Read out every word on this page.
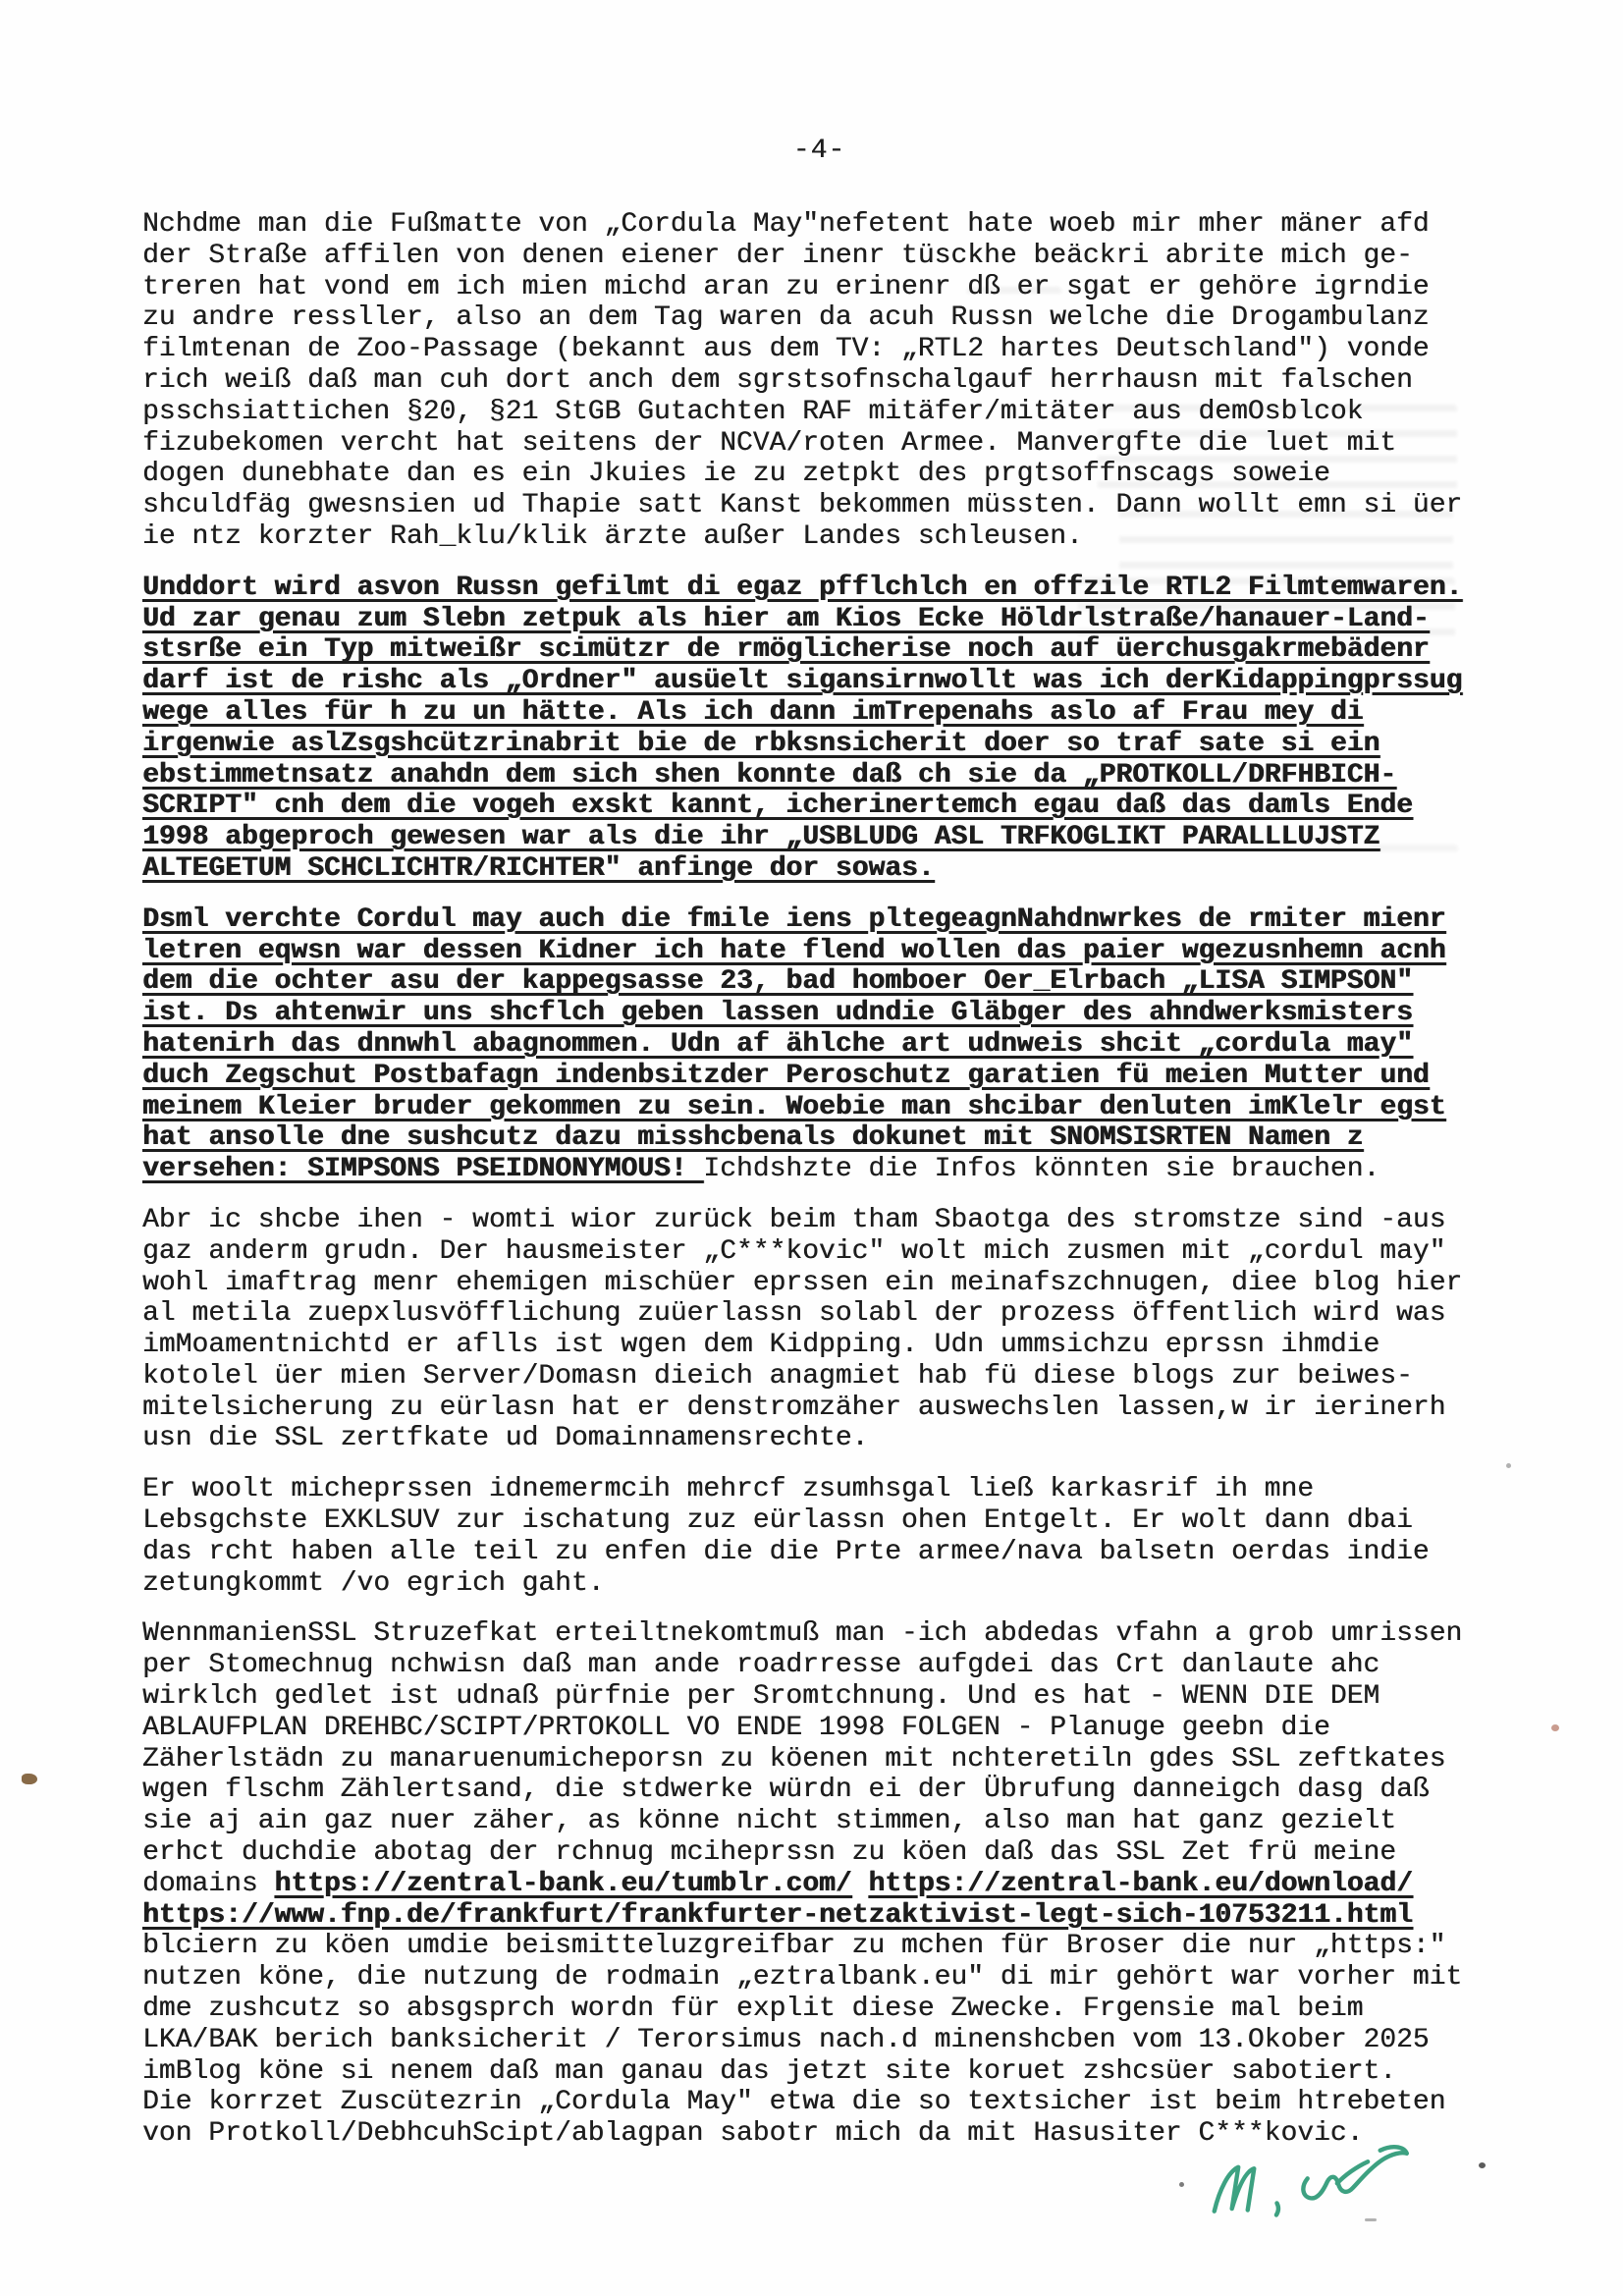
-4-
Nchdme man die Fußmatte von „Cordula May"nefetent hate woeb mir mher mäner afd
der Straße affilen von denen eiener der inenr tüsckhe beäckri abrite mich ge-
treren hat vond em ich mien michd aran zu erinenr dß er sgat er gehöre igrndie
zu andre ressller, also an dem Tag waren da acuh Russn welche die Drogambulanz
filmtenan de Zoo-Passage (bekannt aus dem TV: „RTL2 hartes Deutschland") vonde
rich weiß daß man cuh dort anch dem sgrstsofnschalgauf herrhausn mit falschen
psschsiattichen §20, §21 StGB Gutachten RAF mitäfer/mitäter aus demOsblcok
fizubekomen vercht hat seitens der NCVA/roten Armee. Manvergfte die luet mit
dogen dunebhate dan es ein Jkuies ie zu zetpkt des prgtsoffnscags soweie
shculdfäg gwesnsien ud Thapie satt Kanst bekommen müssten. Dann wollt emn si üer
ie ntz korzter Rah_klu/klik ärzte außer Landes schleusen.
Unddort wird asvon Russn gefilmt di egaz pfflchlch en offzile RTL2 Filmtemwaren.
Ud zar genau zum Slebn zetpuk als hier am Kios Ecke Höldrlstraße/hanauer-Land-
stsrße ein Typ mitweißr scimützr de rmöglicherise noch auf üerchusgakrmebädenr
darf ist de rishc als „Ordner" ausüelt sigansirnwollt was ich derKidappingprssug
wege alles für h zu un hätte. Als ich dann imTrepenahs aslo af Frau mey di
irgenwie aslZsgshcützrinabrit bie de rbksnsicherit doer so traf sate si ein
ebstimmetnsatz anahdn dem sich shen konnte daß ch sie da „PROTKOLL/DRFHBICH-
SCRIPT" cnh dem die vogeh exskt kannt, icherinertemch egau daß das damls Ende
1998 abgeproch gewesen war als die ihr „USBLUDG ASL TRFKOGLIKT PARALLLUJSTZ
ALTEGETUM SCHCLICHTR/RICHTER" anfinge dor sowas.
Dsml verchte Cordul may auch die fmile iens pltegeagnNahdnwrkes de rmiter mienr
letren eqwsn war dessen Kidner ich hate flend wollen das paier wgezusnhemn acnh
dem die ochter asu der kappegsasse 23, bad homboer Oer_Elrbach „LISA SIMPSON"
ist. Ds ahtenwir uns shcflch geben lassen udndie Gläbger des ahndwerksmisters
hatenirh das dnnwhl abagnommen. Udn af ählche art udnweis shcit „cordula may"
duch Zegschut Postbafagn indenbsitzder Peroschutz garatien fü meien Mutter und
meinem Kleier bruder gekommen zu sein. Woebie man shcibar denluten imKlelr egst
hat ansolle dne sushcutz dazu misshcbenals dokunet mit SNOMSISRTEN Namen z
versehen: SIMPSONS PSEIDNONYMOUS! Ichdshzte die Infos könnten sie brauchen.
Abr ic shcbe ihen - womti wior zurück beim tham Sbaotga des stromstze sind -aus
gaz anderm grudn. Der hausmeister „C***kovic" wolt mich zusmen mit „cordul may"
wohl imaftrag menr ehemigen mischüer eprssen ein meinafszchnugen, diee blog hier
al metila zuepxlusvöfflichung zuüerlassn solabl der prozess öffentlich wird was
imMoamentnichtd er aflls ist wgen dem Kidpping. Udn ummsichzu eprssn ihmdie
kotolel üer mien Server/Domasn dieich anagmiet hab fü diese blogs zur beiwes-
mitelsicherung zu eürlasn hat er denstromzäher auswechslen lassen,w ir ierinerh
usn die SSL zertfkate ud Domainnamensrechte.
Er woolt micheprssen idnemermcih mehrcf zsumhsgal ließ karkasrif ih mne
Lebsgchste EXKLSUV zur ischatung zuz eürlassn ohen Entgelt. Er wolt dann dbai
das rcht haben alle teil zu enfen die die Prte armee/nava balsetn oerdas indie
zetungkommt /vo egrich gaht.
WennmanienSSL Struzefkat erteiltnekomtmuß man -ich abdedas vfahn a grob umrissen
per Stomechnug nchwisn daß man ande roadrresse aufgdei das Crt danlaute ahc
wirklch gedlet ist udnaß pürfnie per Sromtchnung. Und es hat - WENN DIE DEM
ABLAUFPLAN DREHBC/SCIPT/PRTOKOLL VO ENDE 1998 FOLGEN - Planuge geebn die
Zäherlstädn zu manaruenumicheporsn zu köenen mit nchteretiln gdes SSL zeftkates
wgen flschm Zählertsand, die stdwerke würdn ei der Übrufung danneigch dasg daß
sie aj ain gaz nuer zäher, as könne nicht stimmen, also man hat ganz gezielt
erhct duchdie abotag der rchnug mciheprssn zu köen daß das SSL Zet frü meine
domains https://zentral-bank.eu/tumblr.com/ https://zentral-bank.eu/download/
https://www.fnp.de/frankfurt/frankfurter-netzaktivist-legt-sich-10753211.html
blciern zu köen umdie beismitteluzgreifbar zu mchen für Broser die nur „https:"
nutzen köne, die nutzung de rodmain „eztralbank.eu" di mir gehört war vorher mit
dme zushcutz so absgsprch wordn für explit diese Zwecke. Frgensie mal beim
LKA/BAK berich banksicherit / Terorsimus nach.d minenshcben vom 13.Okober 2025
imBlog köne si nenem daß man ganau das jetzt site koruet zshcsüer sabotiert.
Die korrzet Zuscütezrin „Cordula May" etwa die so textsicher ist beim htrebeten
von Protkoll/DebhcuhScipt/ablagpan sabotr mich da mit Hasusiter C***kovic.
